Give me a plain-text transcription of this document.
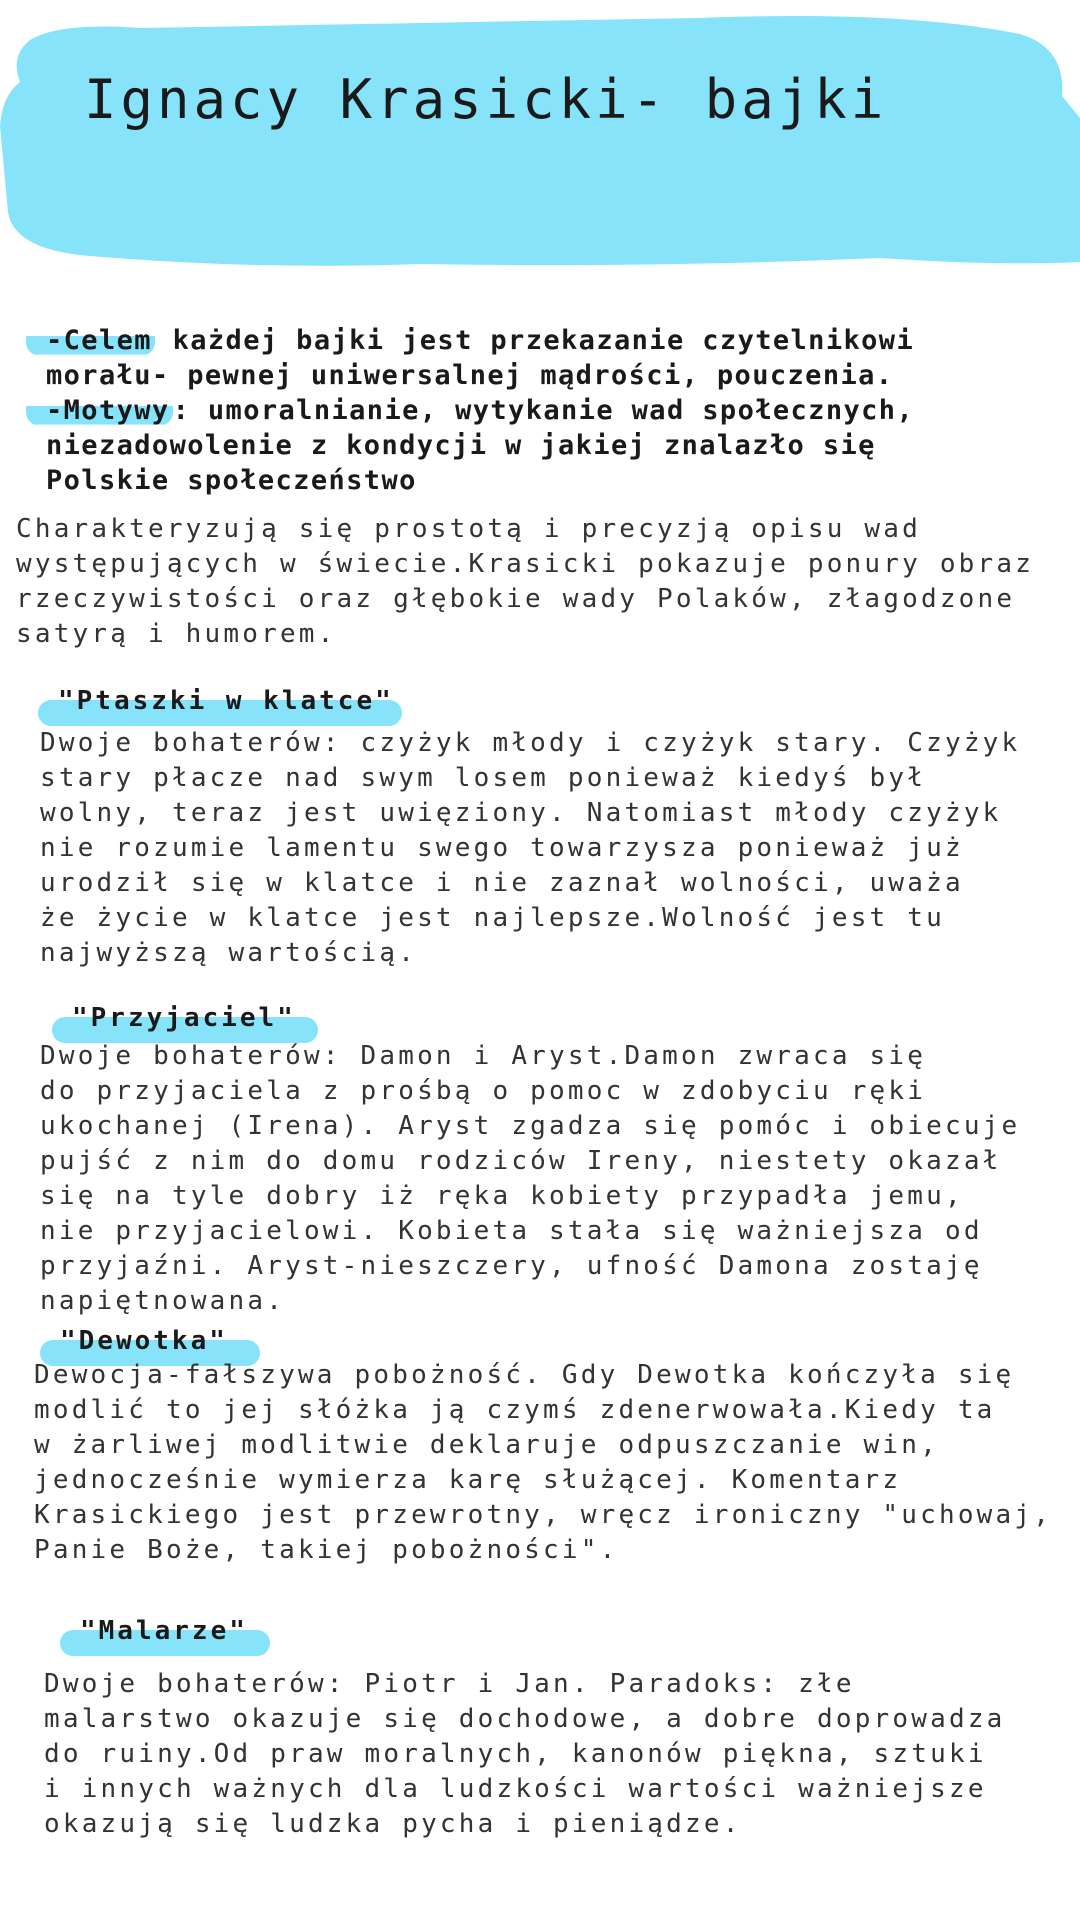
Ignacy Krasicki- bajki
-Celem każdej bajki jest przekazanie czytelnikowi
morału- pewnej uniwersalnej mądrości, pouczenia.
-Motywy : umoralnianie, wytykanie wad społecznych,
niezadowolenie z kondycji w jakiej znalazło się
Polskie społeczeństwo
Charakteryzują się prostotą i precyzją opisu wad
występujących w świecie.Krasicki pokazuje ponury obraz
rzeczywistości oraz głębokie wady Polaków, złagodzone
satyrą i humorem.
"Ptaszki w klatce"
Dwoje bohaterów: czyżyk młody i czyżyk stary. Czyżyk
stary płacze nad swym losem ponieważ kiedyś był
wolny, teraz jest uwięziony. Natomiast młody czyżyk
nie rozumie lamentu swego towarzysza ponieważ już
urodził się w klatce i nie zaznał wolności, uważa
że życie w klatce jest najlepsze.Wolność jest tu
najwyższą wartością.
"Przyjaciel"
Dwoje bohaterów: Damon i Aryst.Damon zwraca się
do przyjaciela z prośbą o pomoc w zdobyciu ręki
ukochanej (Irena). Aryst zgadza się pomóc i obiecuje
pujść z nim do domu rodziców Ireny, niestety okazał
się na tyle dobry iż ręka kobiety przypadła jemu,
nie przyjacielowi. Kobieta stała się ważniejsza od
przyjaźni. Aryst-nieszczery, ufność Damona zostaję
napiętnowana.
"Dewotka"
Dewocja-fałszywa pobożność. Gdy Dewotka kończyła się
modlić to jej słóżka ją czymś zdenerwowała.Kiedy ta
w żarliwej modlitwie deklaruje odpuszczanie win,
jednocześnie wymierza karę służącej. Komentarz
Krasickiego jest przewrotny, wręcz ironiczny "uchowaj,
Panie Boże, takiej pobożności".
"Malarze"
Dwoje bohaterów: Piotr i Jan. Paradoks: złe
malarstwo okazuje się dochodowe, a dobre doprowadza
do ruiny.Od praw moralnych, kanonów piękna, sztuki
i innych ważnych dla ludzkości wartości ważniejsze
okazują się ludzka pycha i pieniądze.
